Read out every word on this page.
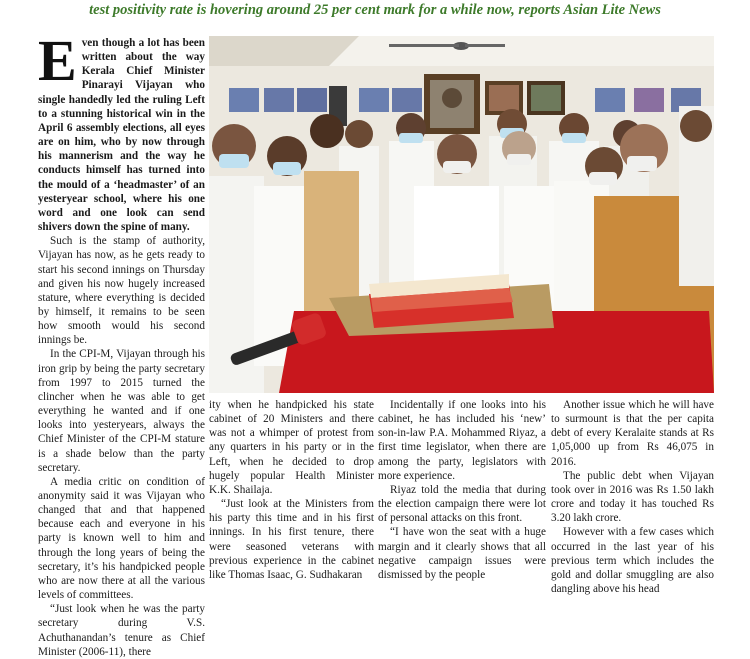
test positivity rate is hovering around 25 per cent mark for a while now, reports Asian Lite News

Even though a lot has been written about the way Kerala Chief Minister Pinarayi Vijayan who single handedly led the ruling Left to a stunning historical win in the April 6 assembly elections, all eyes are on him, who by now through his mannerism and the way he conducts himself has turned into the mould of a ‘headmaster’ of an yesteryear school, where his one word and one look can send shivers down the spine of many.

Such is the stamp of authority, Vijayan has now, as he gets ready to start his second innings on Thursday and given his now hugely increased stature, where everything is decided by himself, it remains to be seen how smooth would his second innings be.

In the CPI-M, Vijayan through his iron grip by being the party secretary from 1997 to 2015 turned the clincher when he was able to get everything he wanted and if one looks into yesteryears, always the Chief Minister of the CPI-M stature is a shade below than the party secretary.

A media critic on condition of anonymity said it was Vijayan who changed that and that happened because each and everyone in his party is known well to him and through the long years of being the secretary, it’s his handpicked people who are now there at all the various levels of committees.

“Just look when he was the party secretary during V.S. Achuthanandan’s tenure as Chief Minister (2006-11), there

ity when he handpicked his state cabinet of 20 Ministers and there was not a whimper of protest from any quarters in his party or in the Left, when he decided to drop hugely popular Health Minister K.K. Shailaja.

“Just look at the Ministers from his party this time and in his first innings. In his first tenure, there were seasoned veterans with previous experience in the cabinet like Thomas Isaac, G. Sudhakaran

Incidentally if one looks into his cabinet, he has included his ‘new’ son-in-law P.A. Mohammed Riyaz, a first time legislator, when there are among the party, legislators with more experience.

Riyaz told the media that during the election campaign there were lot of personal attacks on this front.

“I have won the seat with a huge margin and it clearly shows that all negative campaign issues were dismissed by the people

Another issue which he will have to surmount is that the per capita debt of every Keralaite stands at Rs 1,05,000 up from Rs 46,075 in 2016.

The public debt when Vijayan took over in 2016 was Rs 1.50 lakh crore and today it has touched Rs 3.20 lakh crore.

However with a few cases which occurred in the last year of his previous term which includes the gold and dollar smuggling are also dangling above his head
